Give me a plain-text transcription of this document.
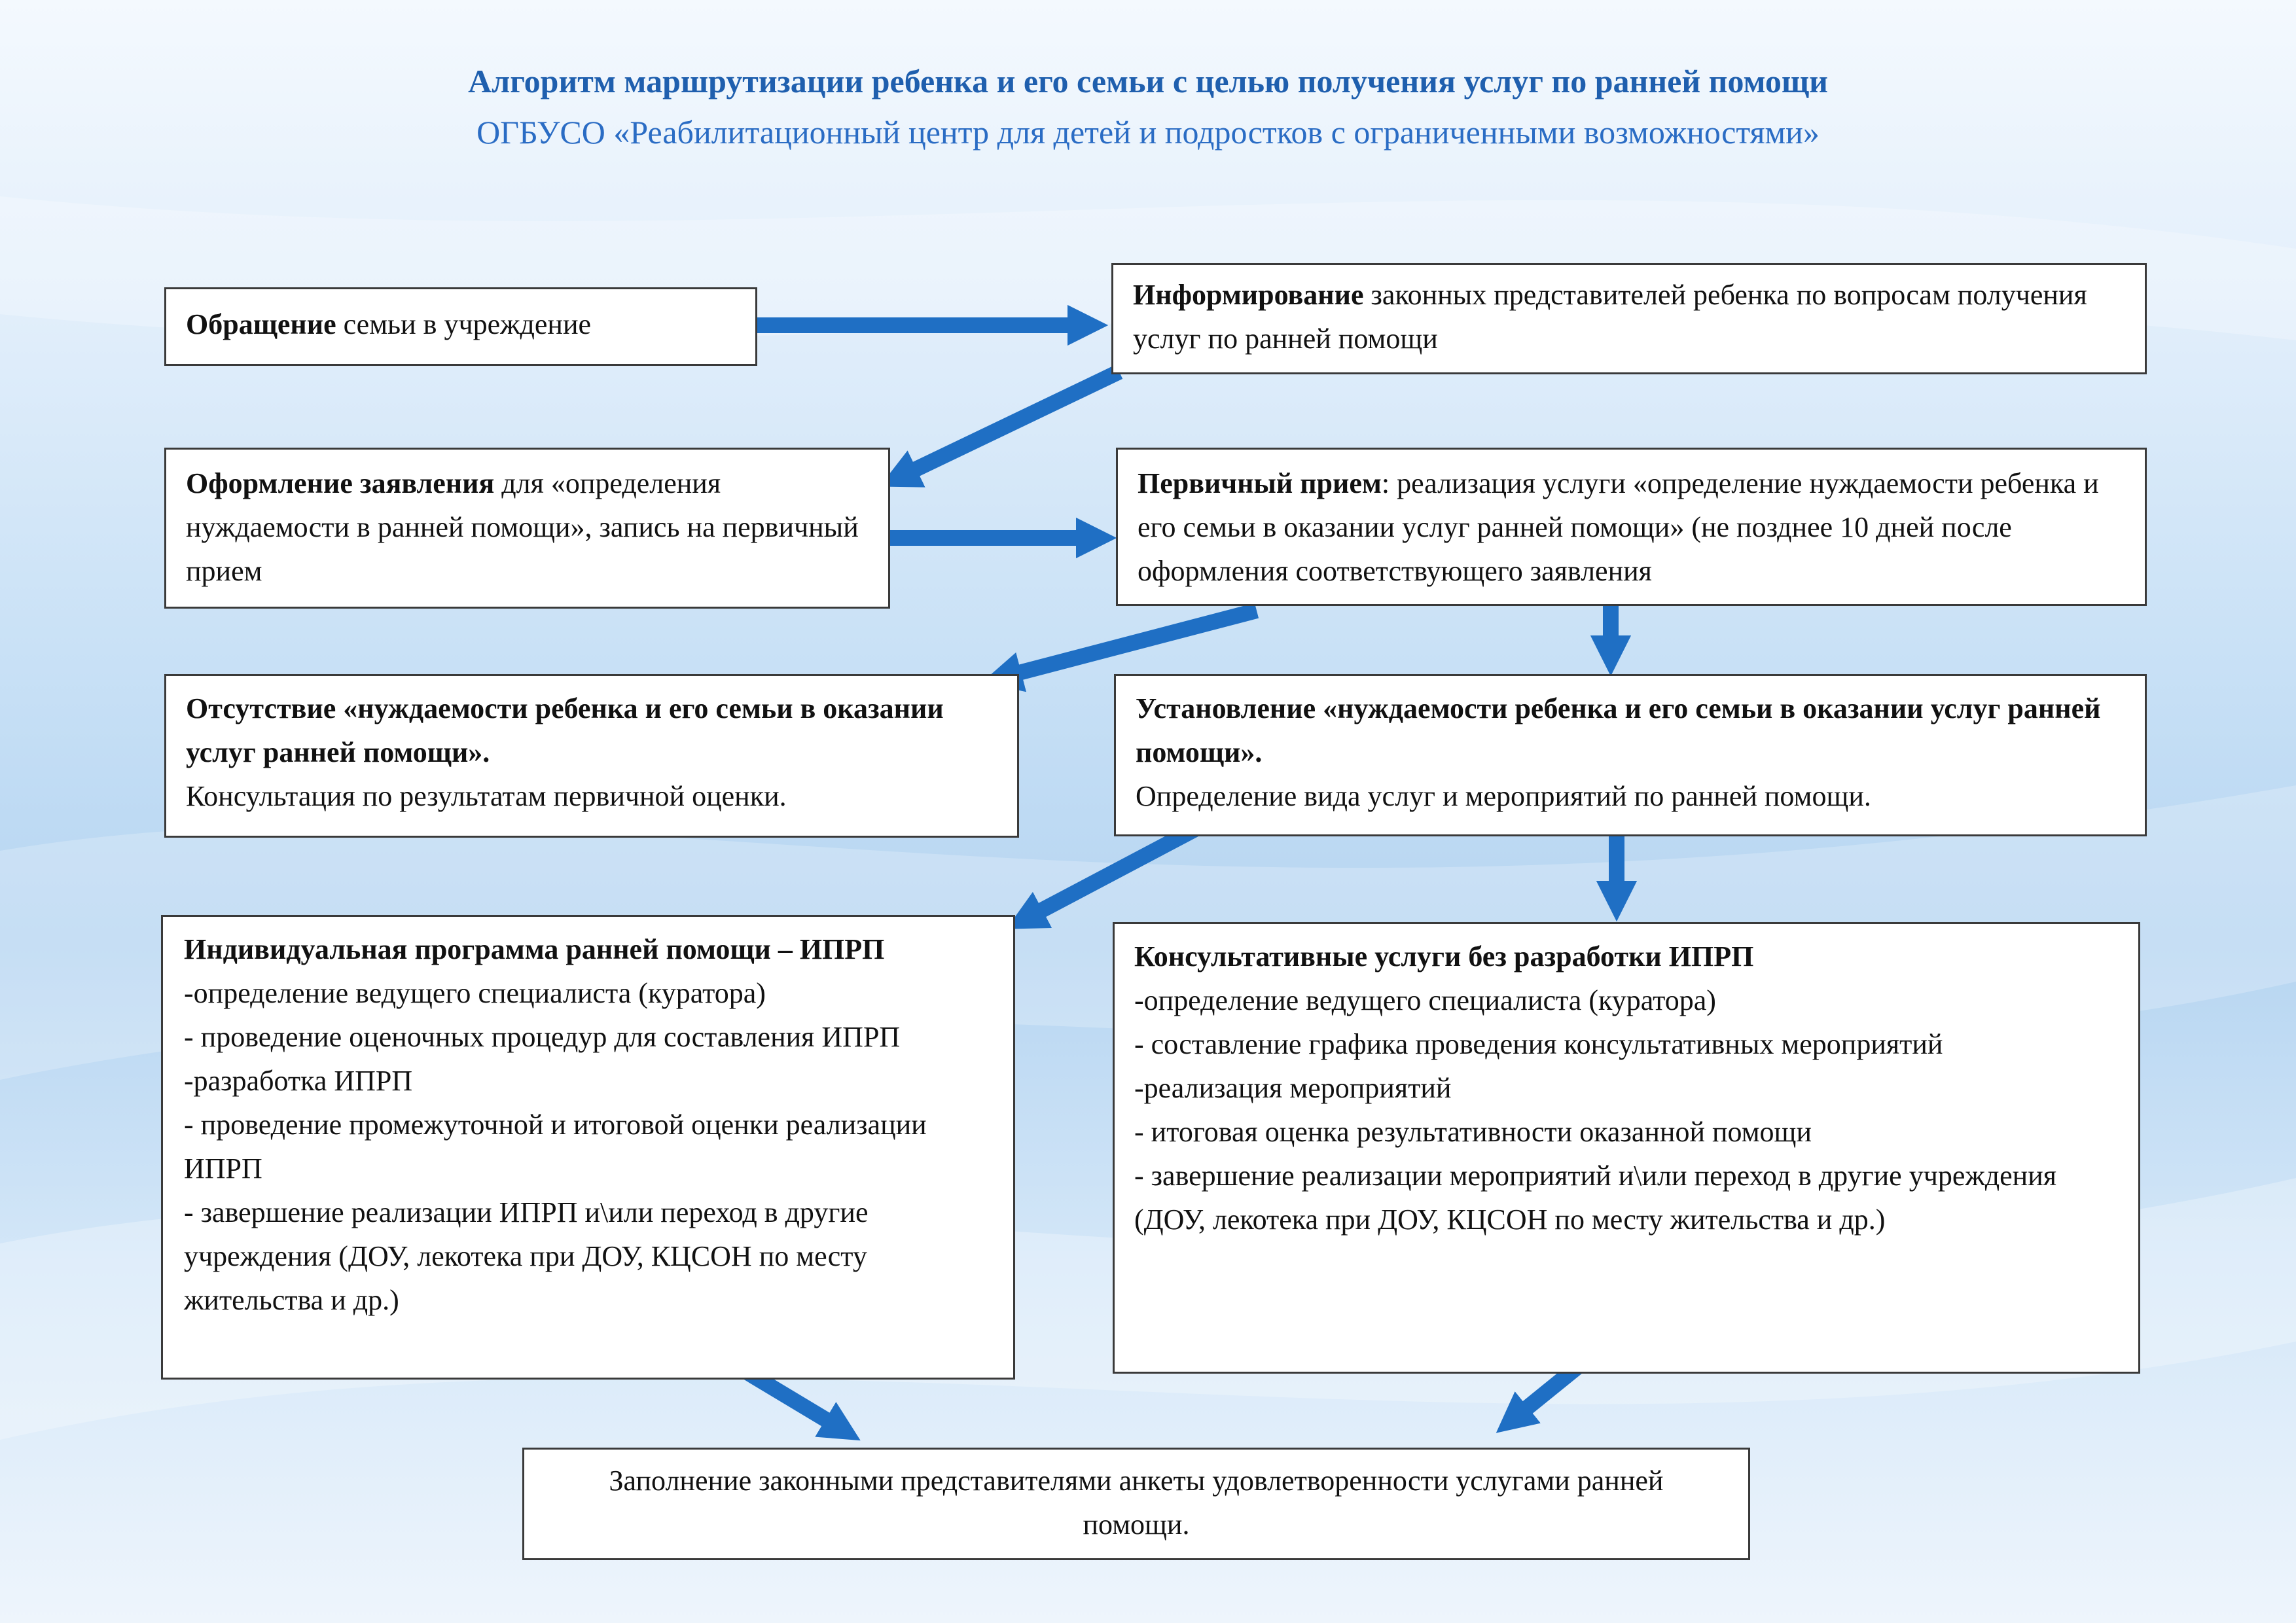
Алгоритм маршрутизации ребенка и его семьи с целью получения услуг по ранней помощи
ОГБУСО «Реабилитационный центр для детей и подростков с ограниченными возможностями»
Обращение семьи в учреждение
Информирование законных представителей ребенка по вопросам получения услуг по ранней помощи
Оформление заявления для «определения нуждаемости в ранней помощи», запись на первичный прием
Первичный прием: реализация услуги «определение нуждаемости ребенка и его семьи в оказании услуг ранней помощи» (не позднее 10 дней после оформления соответствующего заявления
Отсутствие «нуждаемости ребенка и его семьи в оказании услуг ранней помощи».
Консультация по результатам первичной оценки.
Установление «нуждаемости ребенка и его семьи в оказании услуг ранней помощи».
Определение вида услуг и мероприятий по ранней помощи.
Индивидуальная программа ранней помощи – ИПРП
-определение ведущего специалиста (куратора)
- проведение оценочных процедур для составления ИПРП
-разработка ИПРП
- проведение промежуточной и итоговой оценки реализации ИПРП
- завершение реализации ИПРП и\или переход в другие учреждения (ДОУ, лекотека при ДОУ, КЦСОН по месту жительства и др.)
Консультативные услуги без разработки ИПРП
-определение ведущего специалиста (куратора)
- составление графика проведения консультативных мероприятий
-реализация мероприятий
- итоговая оценка результативности оказанной помощи
- завершение реализации мероприятий и\или переход в другие учреждения (ДОУ, лекотека при ДОУ, КЦСОН по месту жительства и др.)
Заполнение законными представителями анкеты удовлетворенности услугами ранней помощи.
